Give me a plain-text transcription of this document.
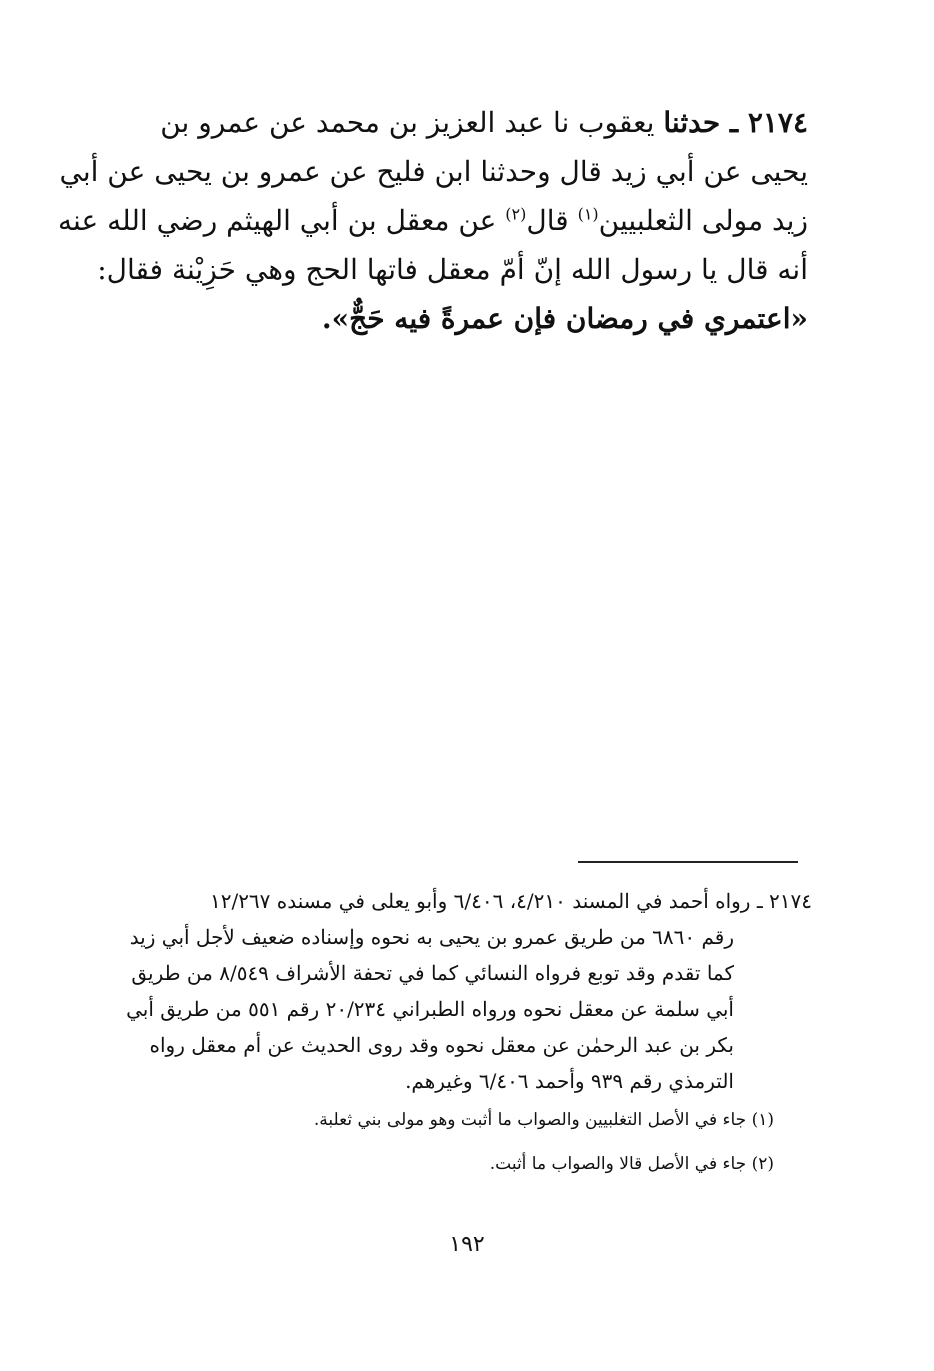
٢١٧٤ ـ حدثنا يعقوب نا عبد العزيز بن محمد عن عمرو بن
يحيى عن أبي زيد قال وحدثنا ابن فليح عن عمرو بن يحيى عن أبي
زيد مولى الثعلبيين$^{(١)}$ قال$^{(٢)}$ عن معقل بن أبي الهيثم رضي الله عنه
أنه قال يا رسول الله إنّ أمّ معقل فاتها الحج وهي حَزِيْنة فقال:
«اعتمري في رمضان فإن عمرةً فيه حَجٌّ».
٢١٧٤ ـ رواه أحمد في المسند ٤/٢١٠، ٦/٤٠٦ وأبو يعلى في مسنده ١٢/٢٦٧
رقم ٦٨٦٠ من طريق عمرو بن يحيى به نحوه وإسناده ضعيف لأجل أبي زيد
كما تقدم وقد توبع فرواه النسائي كما في تحفة الأشراف ٨/٥٤٩ من طريق
أبي سلمة عن معقل نحوه ورواه الطبراني ٢٠/٢٣٤ رقم ٥٥١ من طريق أبي
بكر بن عبد الرحمٰن عن معقل نحوه وقد روى الحديث عن أم معقل رواه
الترمذي رقم ٩٣٩ وأحمد ٦/٤٠٦ وغيرهم.
(١) جاء في الأصل التغلبيين والصواب ما أثبت وهو مولى بني ثعلبة.
(٢) جاء في الأصل قالا والصواب ما أثبت.
١٩٢
